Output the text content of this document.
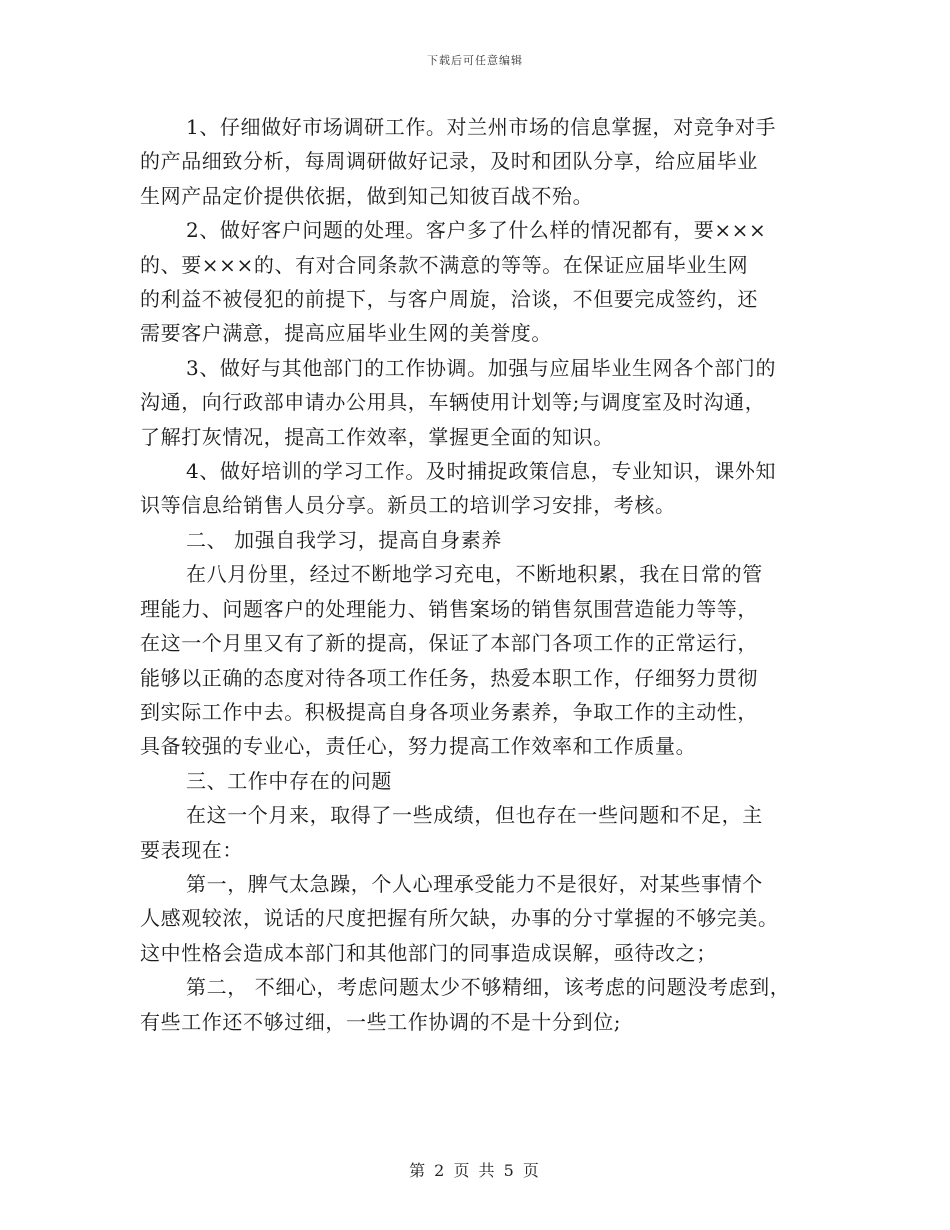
下载后可任意编辑

1、仔细做好市场调研工作。对兰州市场的信息掌握，对竞争对手
的产品细致分析，每周调研做好记录，及时和团队分享，给应届毕业
生网产品定价提供依据，做到知己知彼百战不殆。
2、做好客户问题的处理。客户多了什么样的情况都有，要×××
的、要×××的、有对合同条款不满意的等等。在保证应届毕业生网
的利益不被侵犯的前提下，与客户周旋，洽谈，不但要完成签约，还
需要客户满意，提高应届毕业生网的美誉度。
3、做好与其他部门的工作协调。加强与应届毕业生网各个部门的
沟通，向行政部申请办公用具，车辆使用计划等;与调度室及时沟通，
了解打灰情况，提高工作效率，掌握更全面的知识。
4、做好培训的学习工作。及时捕捉政策信息，专业知识，课外知
识等信息给销售人员分享。新员工的培训学习安排，考核。
二、 加强自我学习，提高自身素养
在八月份里，经过不断地学习充电，不断地积累，我在日常的管
理能力、问题客户的处理能力、销售案场的销售氛围营造能力等等，
在这一个月里又有了新的提高，保证了本部门各项工作的正常运行，
能够以正确的态度对待各项工作任务，热爱本职工作，仔细努力贯彻
到实际工作中去。积极提高自身各项业务素养，争取工作的主动性，
具备较强的专业心，责任心，努力提高工作效率和工作质量。
三、工作中存在的问题
在这一个月来，取得了一些成绩，但也存在一些问题和不足，主
要表现在：
第一，脾气太急躁，个人心理承受能力不是很好，对某些事情个
人感观较浓，说话的尺度把握有所欠缺，办事的分寸掌握的不够完美。
这中性格会造成本部门和其他部门的同事造成误解，亟待改之；
第二， 不细心，考虑问题太少不够精细，该考虑的问题没考虑到，
有些工作还不够过细，一些工作协调的不是十分到位;

第 2 页 共 5 页
